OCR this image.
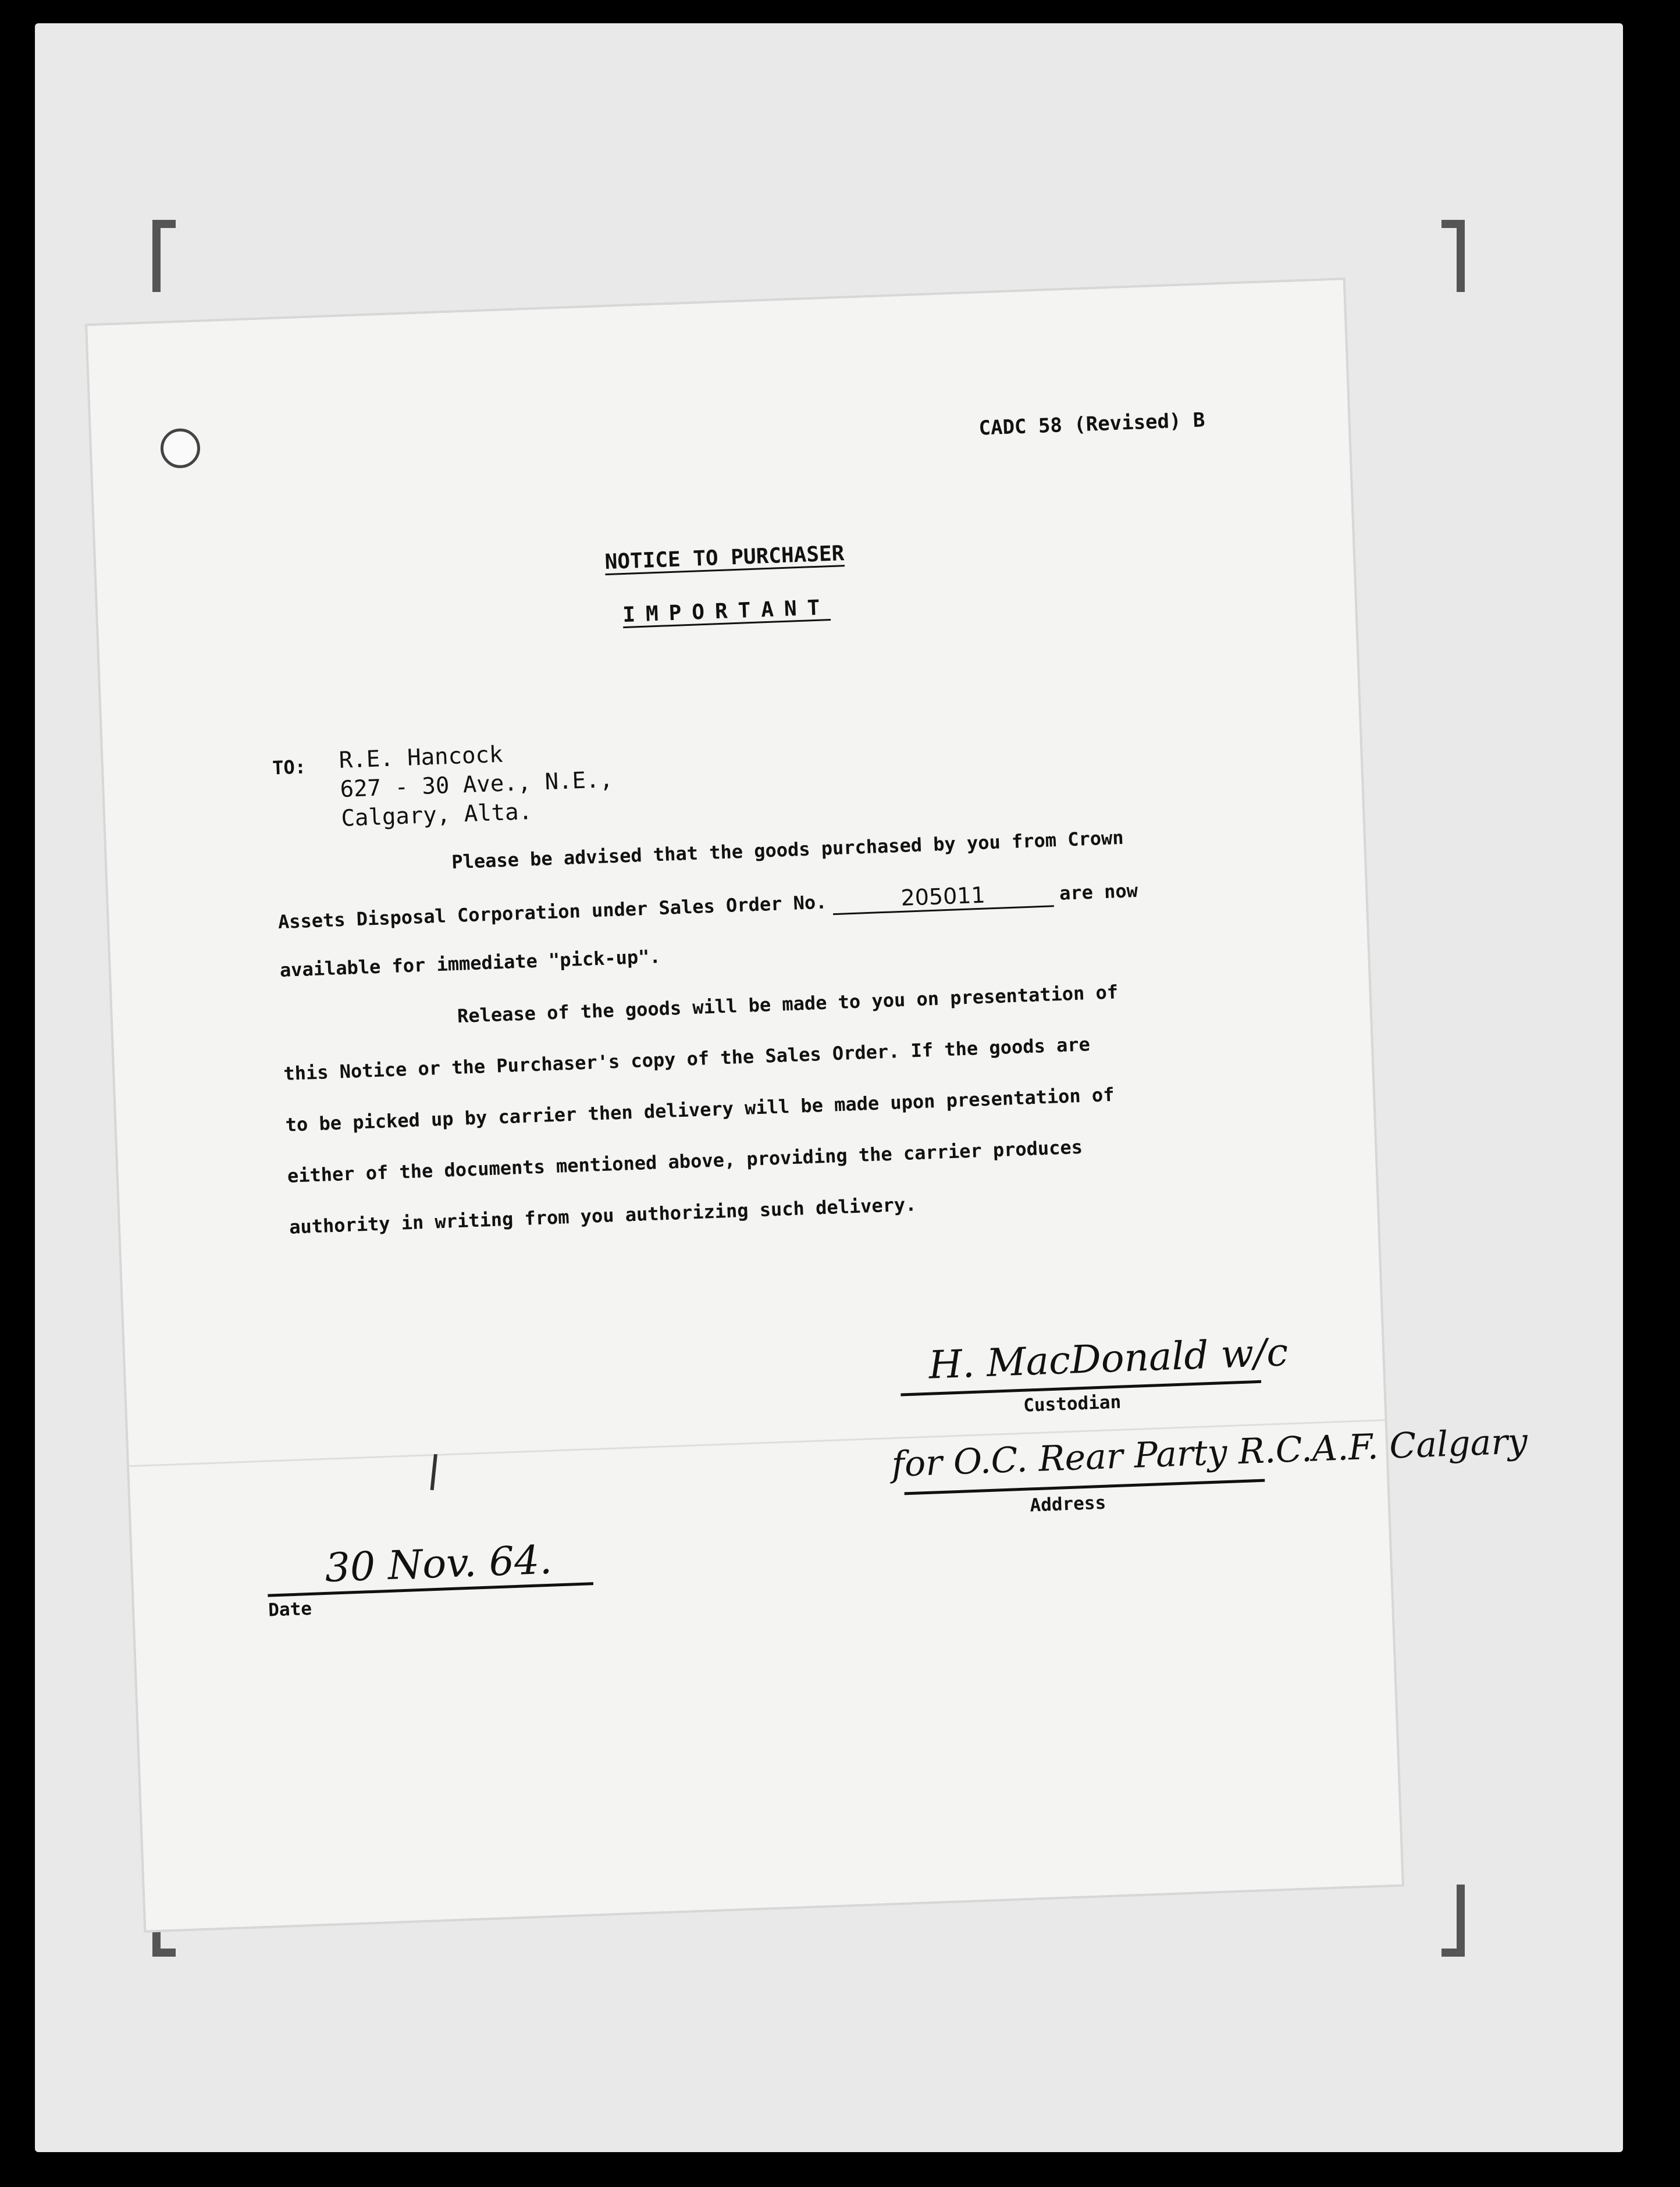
CADC 58 (Revised) B
NOTICE TO PURCHASER
IMPORTANT
TO: R.E. Hancock
627 - 30 Ave., N.E.,
Calgary, Alta.
Please be advised that the goods purchased by you from Crown
Assets Disposal Corporation under Sales Order No.	205011	are now
available for immediate "pick-up".
Release of the goods will be made to you on presentation of
this Notice or the Purchaser's copy of the Sales Order. If the goods are
to be picked up by carrier then delivery will be made upon presentation of
either of the documents mentioned above, providing the carrier produces
authority in writing from you authorizing such delivery.
H. MacDonald w/c
Custodian
for O.C. Rear Party R.C.A.F. Calgary
Address
30 Nov. 64.
Date
